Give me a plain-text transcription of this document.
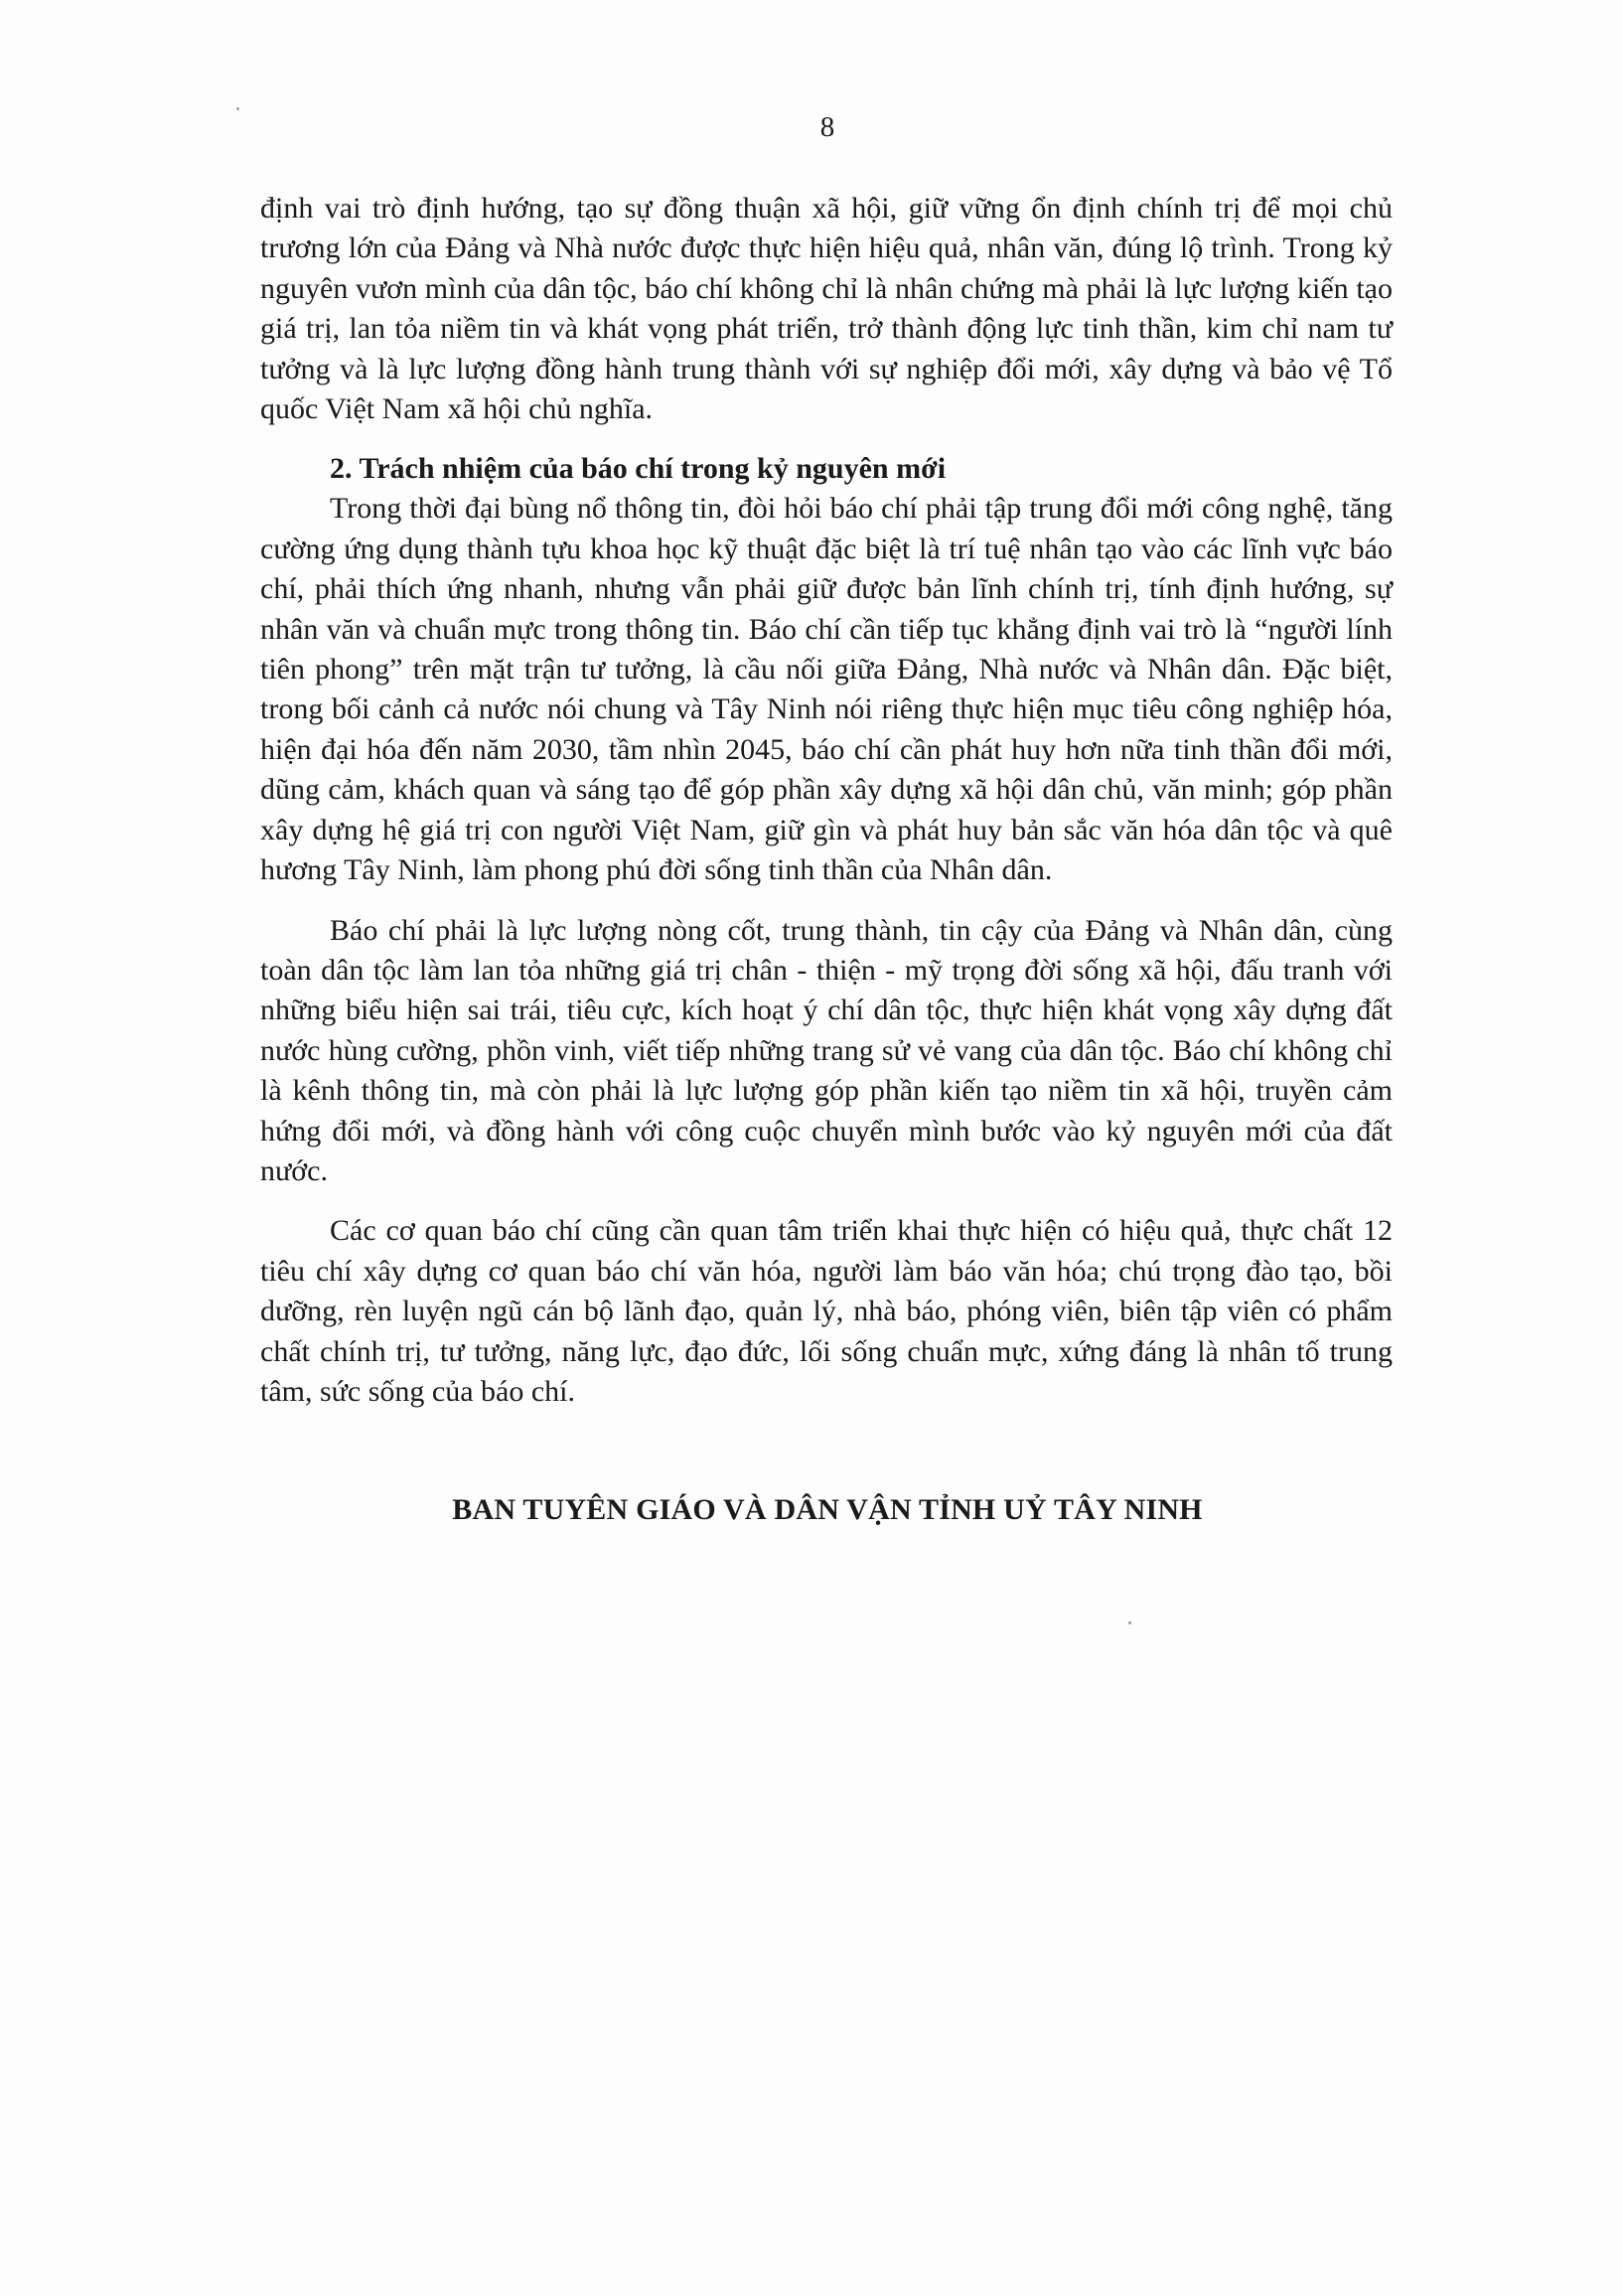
8

định vai trò định hướng, tạo sự đồng thuận xã hội, giữ vững ổn định chính trị để mọi chủ trương lớn của Đảng và Nhà nước được thực hiện hiệu quả, nhân văn, đúng lộ trình. Trong kỷ nguyên vươn mình của dân tộc, báo chí không chỉ là nhân chứng mà phải là lực lượng kiến tạo giá trị, lan tỏa niềm tin và khát vọng phát triển, trở thành động lực tinh thần, kim chỉ nam tư tưởng và là lực lượng đồng hành trung thành với sự nghiệp đổi mới, xây dựng và bảo vệ Tổ quốc Việt Nam xã hội chủ nghĩa.

2. Trách nhiệm của báo chí trong kỷ nguyên mới

Trong thời đại bùng nổ thông tin, đòi hỏi báo chí phải tập trung đổi mới công nghệ, tăng cường ứng dụng thành tựu khoa học kỹ thuật đặc biệt là trí tuệ nhân tạo vào các lĩnh vực báo chí, phải thích ứng nhanh, nhưng vẫn phải giữ được bản lĩnh chính trị, tính định hướng, sự nhân văn và chuẩn mực trong thông tin. Báo chí cần tiếp tục khẳng định vai trò là “người lính tiên phong” trên mặt trận tư tưởng, là cầu nối giữa Đảng, Nhà nước và Nhân dân. Đặc biệt, trong bối cảnh cả nước nói chung và Tây Ninh nói riêng thực hiện mục tiêu công nghiệp hóa, hiện đại hóa đến năm 2030, tầm nhìn 2045, báo chí cần phát huy hơn nữa tinh thần đổi mới, dũng cảm, khách quan và sáng tạo để góp phần xây dựng xã hội dân chủ, văn minh; góp phần xây dựng hệ giá trị con người Việt Nam, giữ gìn và phát huy bản sắc văn hóa dân tộc và quê hương Tây Ninh, làm phong phú đời sống tinh thần của Nhân dân.

Báo chí phải là lực lượng nòng cốt, trung thành, tin cậy của Đảng và Nhân dân, cùng toàn dân tộc làm lan tỏa những giá trị chân - thiện - mỹ trọng đời sống xã hội, đấu tranh với những biểu hiện sai trái, tiêu cực, kích hoạt ý chí dân tộc, thực hiện khát vọng xây dựng đất nước hùng cường, phồn vinh, viết tiếp những trang sử vẻ vang của dân tộc. Báo chí không chỉ là kênh thông tin, mà còn phải là lực lượng góp phần kiến tạo niềm tin xã hội, truyền cảm hứng đổi mới, và đồng hành với công cuộc chuyển mình bước vào kỷ nguyên mới của đất nước.

Các cơ quan báo chí cũng cần quan tâm triển khai thực hiện có hiệu quả, thực chất 12 tiêu chí xây dựng cơ quan báo chí văn hóa, người làm báo văn hóa; chú trọng đào tạo, bồi dưỡng, rèn luyện ngũ cán bộ lãnh đạo, quản lý, nhà báo, phóng viên, biên tập viên có phẩm chất chính trị, tư tưởng, năng lực, đạo đức, lối sống chuẩn mực, xứng đáng là nhân tố trung tâm, sức sống của báo chí.

BAN TUYÊN GIÁO VÀ DÂN VẬN TỈNH UỶ TÂY NINH
